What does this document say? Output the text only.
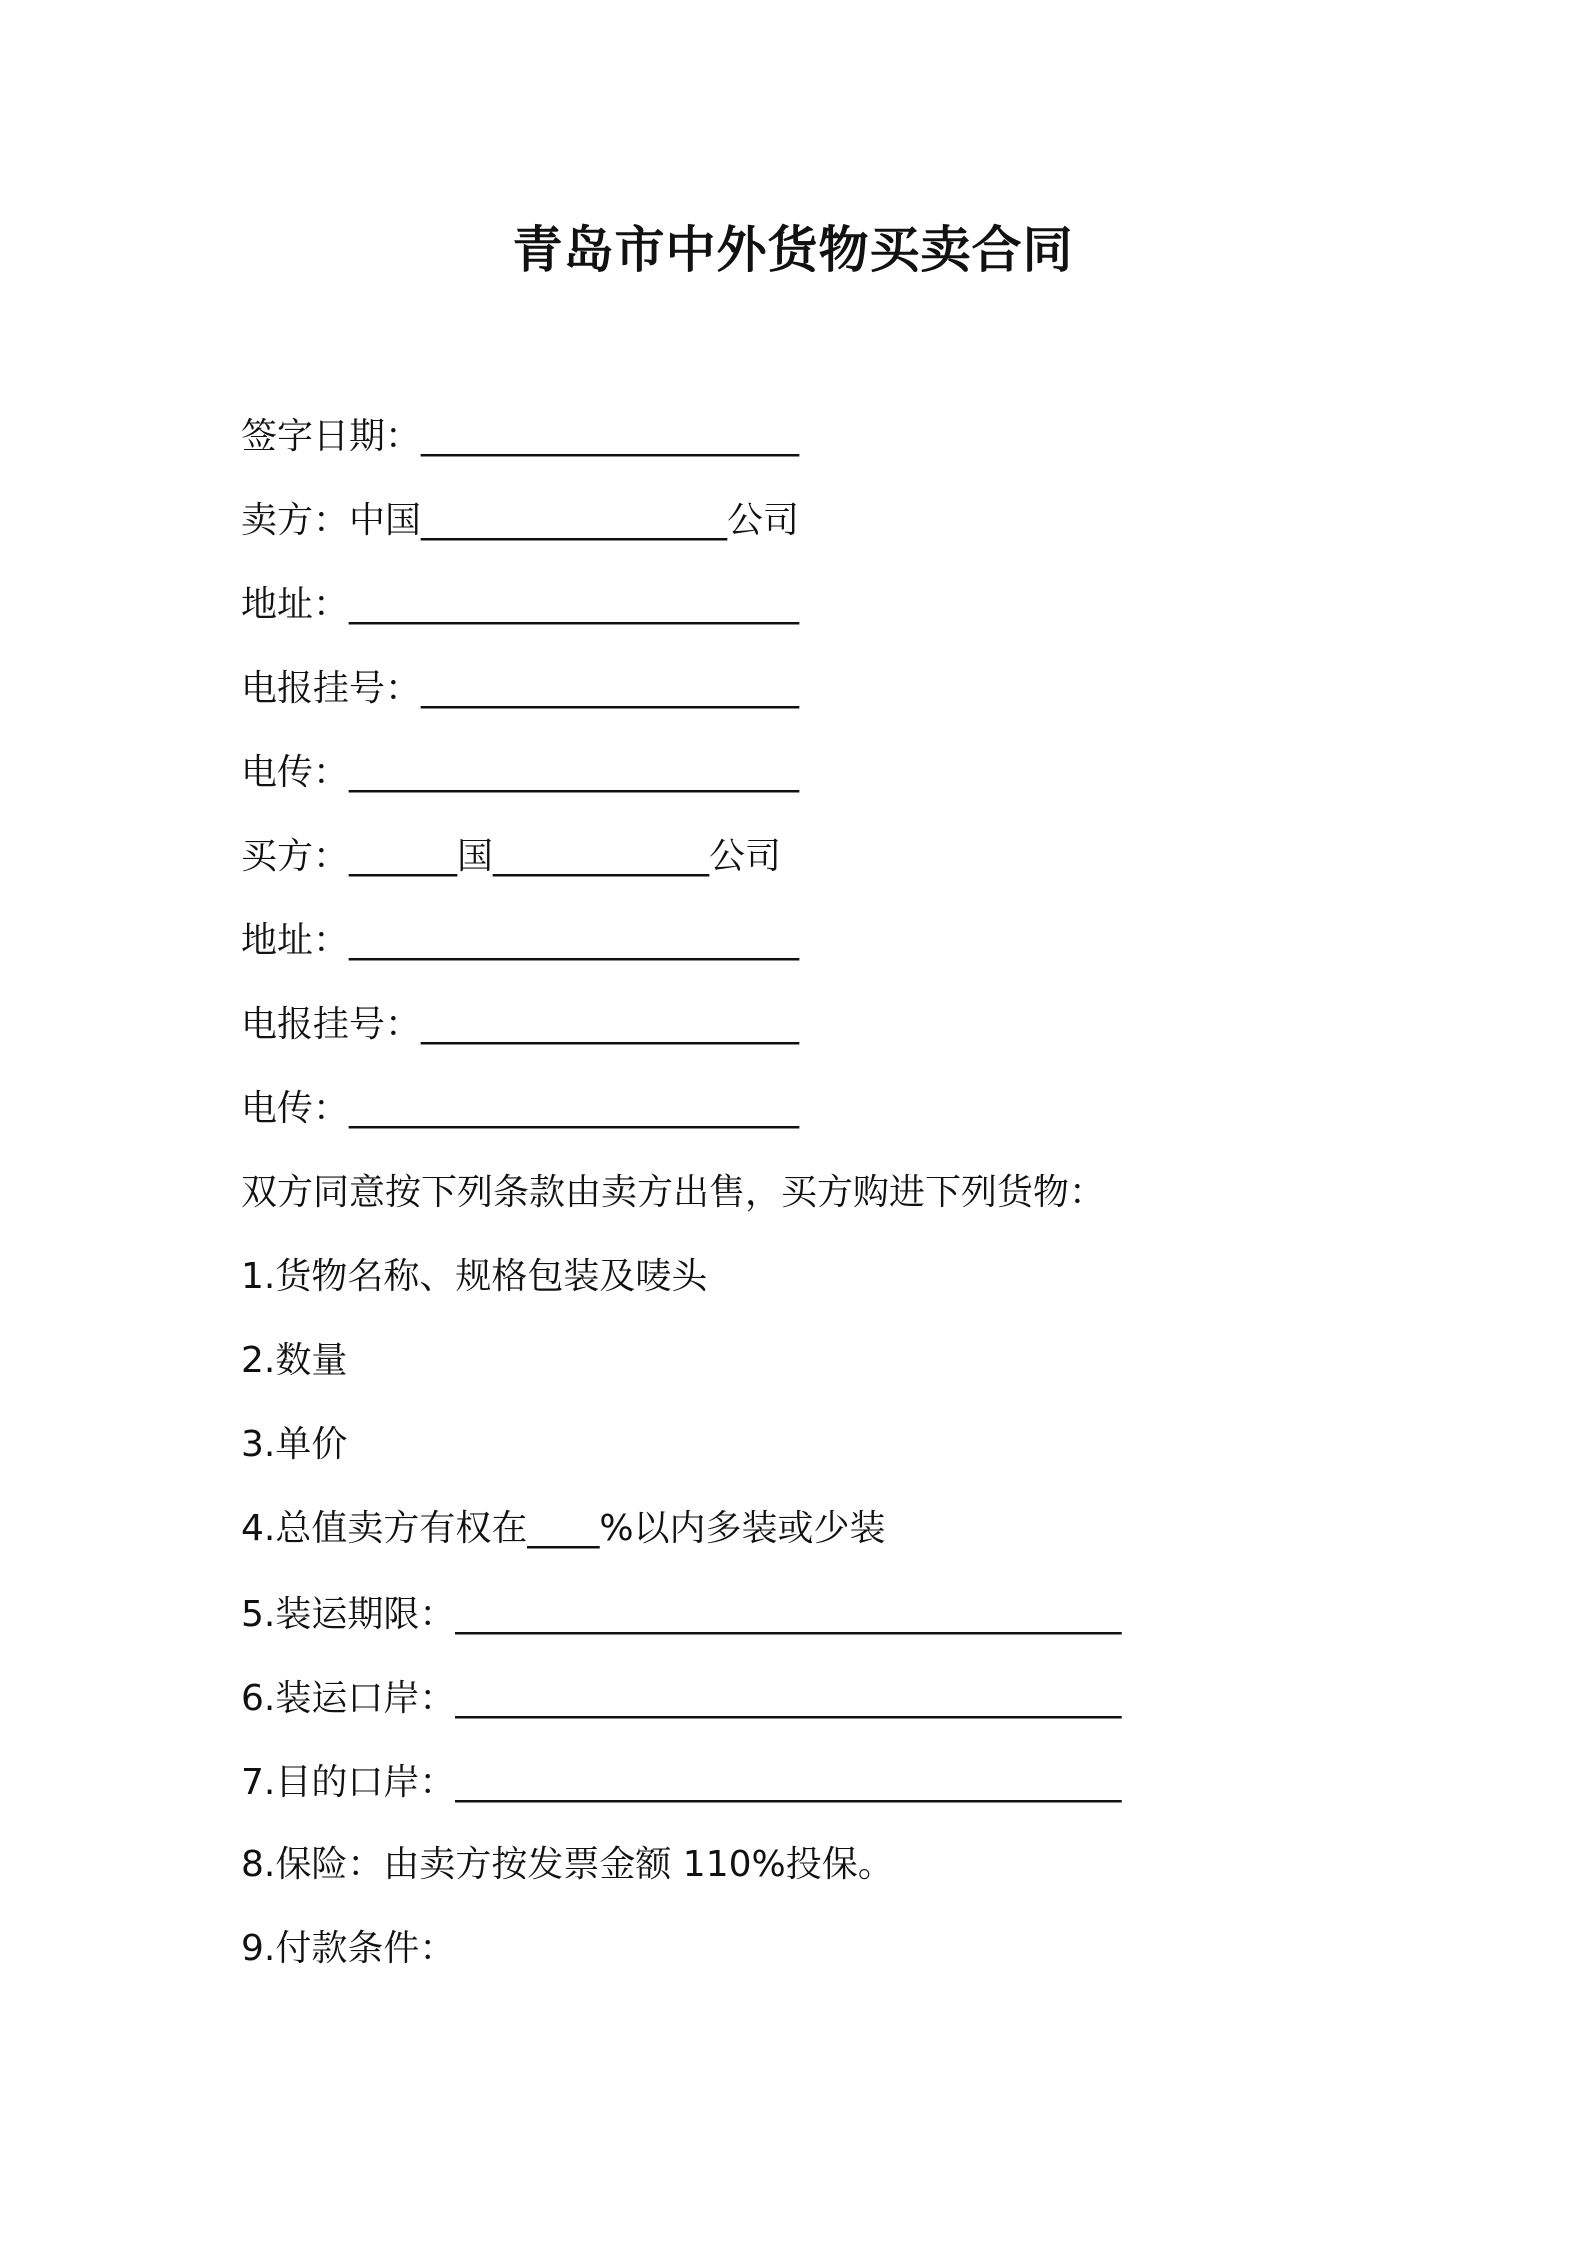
青岛市中外货物买卖合同
签字日期：_____________________
卖方：中国_________________公司
地址：_________________________
电报挂号：_____________________
电传：_________________________
买方：______国____________公司
地址：_________________________
电报挂号：_____________________
电传：_________________________
双方同意按下列条款由卖方出售，买方购进下列货物：
1.货物名称、规格包装及唛头
2.数量
3.单价
4.总值卖方有权在____%以内多装或少装
5.装运期限：_____________________________________
6.装运口岸：_____________________________________
7.目的口岸：_____________________________________
8.保险：由卖方按发票金额 110%投保。
9.付款条件：
